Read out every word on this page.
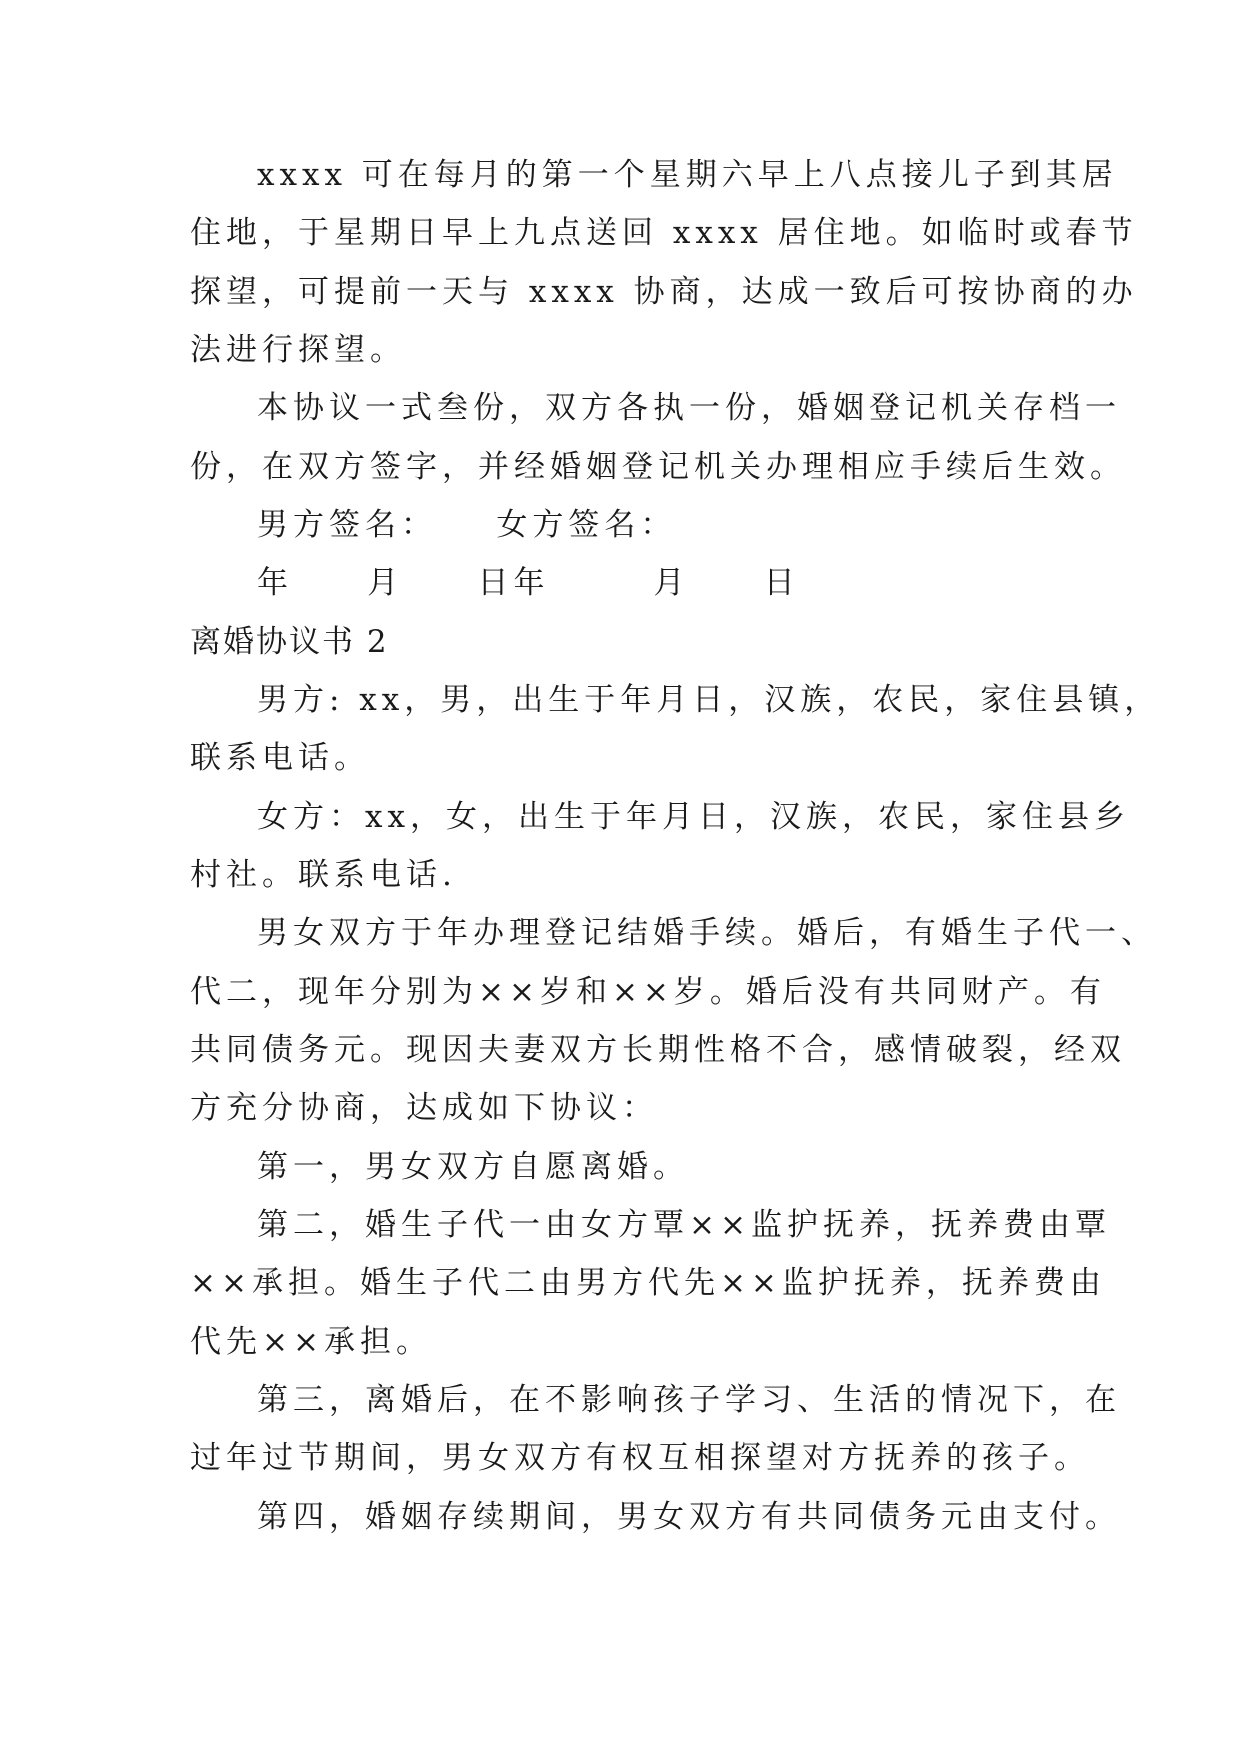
xxxx 可在每月的第一个星期六早上八点接儿子到其居
住地，于星期日早上九点送回 xxxx 居住地。如临时或春节
探望，可提前一天与 xxxx 协商，达成一致后可按协商的办
法进行探望。
本协议一式叁份，双方各执一份，婚姻登记机关存档一
份，在双方签字，并经婚姻登记机关办理相应手续后生效。
男方签名：    女方签名：
年     月     日年       月     日
离婚协议书 2
男方: xx，男，出生于年月日，汉族，农民，家住县镇，
联系电话。
女方：xx，女，出生于年月日，汉族，农民，家住县乡
村社。联系电话.
男女双方于年办理登记结婚手续。婚后，有婚生子代一、
代二，现年分别为××岁和××岁。婚后没有共同财产。有
共同债务元。现因夫妻双方长期性格不合，感情破裂，经双
方充分协商，达成如下协议：
第一，男女双方自愿离婚。
第二，婚生子代一由女方覃××监护抚养，抚养费由覃
××承担。婚生子代二由男方代先××监护抚养，抚养费由
代先××承担。
第三，离婚后，在不影响孩子学习、生活的情况下，在
过年过节期间，男女双方有权互相探望对方抚养的孩子。
第四，婚姻存续期间，男女双方有共同债务元由支付。
